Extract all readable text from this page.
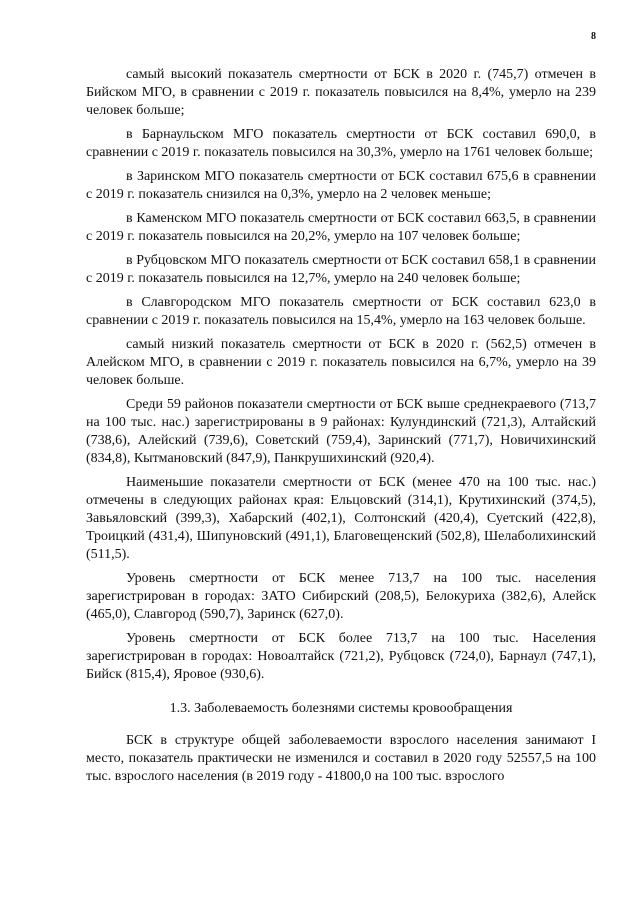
8

самый высокий показатель смертности от БСК в 2020 г. (745,7) отмечен в Бийском МГО, в сравнении с 2019 г. показатель повысился на 8,4%, умерло на 239 человек больше;

в Барнаульском МГО показатель смертности от БСК составил 690,0, в сравнении с 2019 г. показатель повысился на 30,3%, умерло на 1761 человек больше;

в Заринском МГО показатель смертности от БСК составил 675,6 в сравнении с 2019 г. показатель снизился на 0,3%, умерло на 2 человек меньше;

в Каменском МГО показатель смертности от БСК составил 663,5, в сравнении с 2019 г. показатель повысился на 20,2%, умерло на 107 человек больше;

в Рубцовском МГО показатель смертности от БСК составил 658,1 в сравнении с 2019 г. показатель повысился на 12,7%, умерло на 240 человек больше;

в Славгородском МГО показатель смертности от БСК составил 623,0 в сравнении с 2019 г. показатель повысился на 15,4%, умерло на 163 человек больше.

самый низкий показатель смертности от БСК в 2020 г. (562,5) отмечен в Алейском МГО, в сравнении с 2019 г. показатель повысился на 6,7%, умерло на 39 человек больше.

Среди 59 районов показатели смертности от БСК выше среднекраевого (713,7 на 100 тыс. нас.) зарегистрированы в 9 районах: Кулундинский (721,3), Алтайский (738,6), Алейский (739,6), Советский (759,4), Заринский (771,7), Новичихинский (834,8), Кытмановский (847,9), Панкрушихинский (920,4).

Наименьшие показатели смертности от БСК (менее 470 на 100 тыс. нас.) отмечены в следующих районах края: Ельцовский (314,1), Крутихинский (374,5), Завьяловский (399,3), Хабарский (402,1), Солтонский (420,4), Суетский (422,8), Троицкий (431,4), Шипуновский (491,1), Благовещенский (502,8), Шелаболихинский (511,5).

Уровень смертности от БСК менее 713,7 на 100 тыс. населения зарегистрирован в городах: ЗАТО Сибирский (208,5), Белокуриха (382,6), Алейск (465,0), Славгород (590,7), Заринск (627,0).

Уровень смертности от БСК более 713,7 на 100 тыс. Населения зарегистрирован в городах: Новоалтайск (721,2), Рубцовск (724,0), Барнаул (747,1), Бийск (815,4), Яровое (930,6).

1.3. Заболеваемость болезнями системы кровообращения

БСК в структуре общей заболеваемости взрослого населения занимают I место, показатель практически не изменился и составил в 2020 году 52557,5 на 100 тыс. взрослого населения (в 2019 году - 41800,0 на 100 тыс. взрослого
